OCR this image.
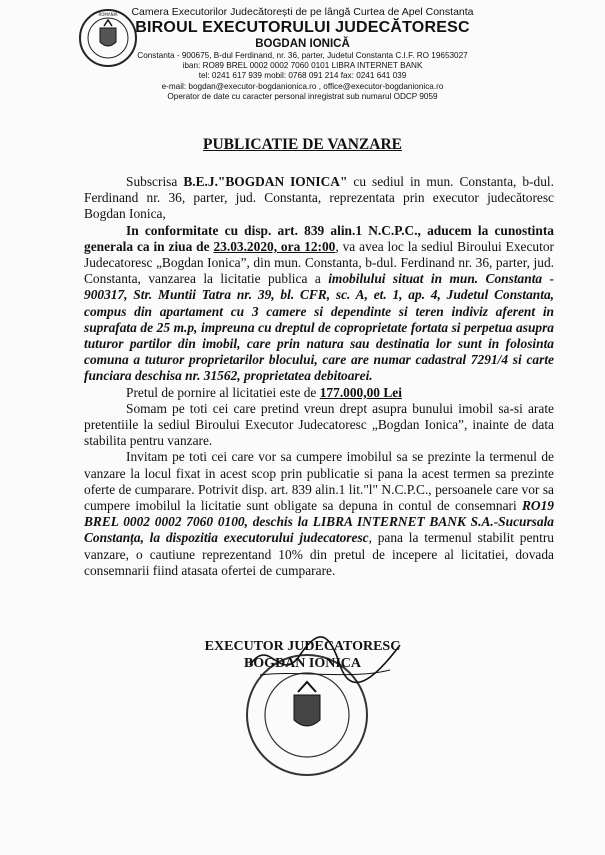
ROMANIA	Camera Executorilor Judecătorești de pe lângă Curtea de Apel Constanta
BIROUL EXECUTORULUI JUDECĂTORESC
BOGDAN IONICĂ
Constanta - 900675, B-dul Ferdinand, nr. 36, parter, Judetul Constanta C.I.F. RO 19653027
iban: RO89 BREL 0002 0002 7060 0101 LIBRA INTERNET BANK
tel: 0241 617 939 mobil: 0768 091 214 fax: 0241 641 039
e-mail: bogdan@executor-bogdanionica.ro , office@executor-bogdanionica.ro
Operator de date cu caracter personal inregistrat sub numarul ODCP 9059
PUBLICATIE DE VANZARE

Subscrisa B.E.J."BOGDAN IONICA" cu sediul in mun. Constanta, b-dul. Ferdinand nr. 36, parter, jud. Constanta, reprezentata prin executor judecătoresc Bogdan Ionica,

In conformitate cu disp. art. 839 alin.1 N.C.P.C., aducem la cunostinta generala ca in ziua de 23.03.2020, ora 12:00, va avea loc la sediul Biroului Executor Judecatoresc „Bogdan Ionica”, din mun. Constanta, b-dul. Ferdinand nr. 36, parter, jud. Constanta, vanzarea la licitatie publica a imobilului situat in mun. Constanta - 900317, Str. Muntii Tatra nr. 39, bl. CFR, sc. A, et. 1, ap. 4, Judetul Constanta, compus din apartament cu 3 camere si dependinte si teren indiviz aferent in suprafata de 25 m.p, impreuna cu dreptul de coproprietate fortata si perpetua asupra tuturor partilor din imobil, care prin natura sau destinatia lor sunt in folosinta comuna a tuturor proprietarilor blocului, care are numar cadastral 7291/4 si carte funciara deschisa nr. 31562, proprietatea debitoarei.

Pretul de pornire al licitatiei este de 177.000,00 Lei

Somam pe toti cei care pretind vreun drept asupra bunului imobil sa-si arate pretentiile la sediul Biroului Executor Judecatoresc „Bogdan Ionica”, inainte de data stabilita pentru vanzare.

Invitam pe toti cei care vor sa cumpere imobilul sa se prezinte la termenul de vanzare la locul fixat in acest scop prin publicatie si pana la acest termen sa prezinte oferte de cumparare. Potrivit disp. art. 839 alin.1 lit."l" N.C.P.C., persoanele care vor sa cumpere imobilul la licitatie sunt obligate sa depuna in contul de consemnari RO19 BREL 0002 0002 7060 0100, deschis la LIBRA INTERNET BANK S.A.-Sucursala Constanța, la dispozitia executorului judecatoresc, pana la termenul stabilit pentru vanzare, o cautiune reprezentand 10% din pretul de incepere al licitatiei, dovada consemnarii fiind atasata ofertei de cumparare.

EXECUTOR JUDECATORESC
BOGDAN IONICA
